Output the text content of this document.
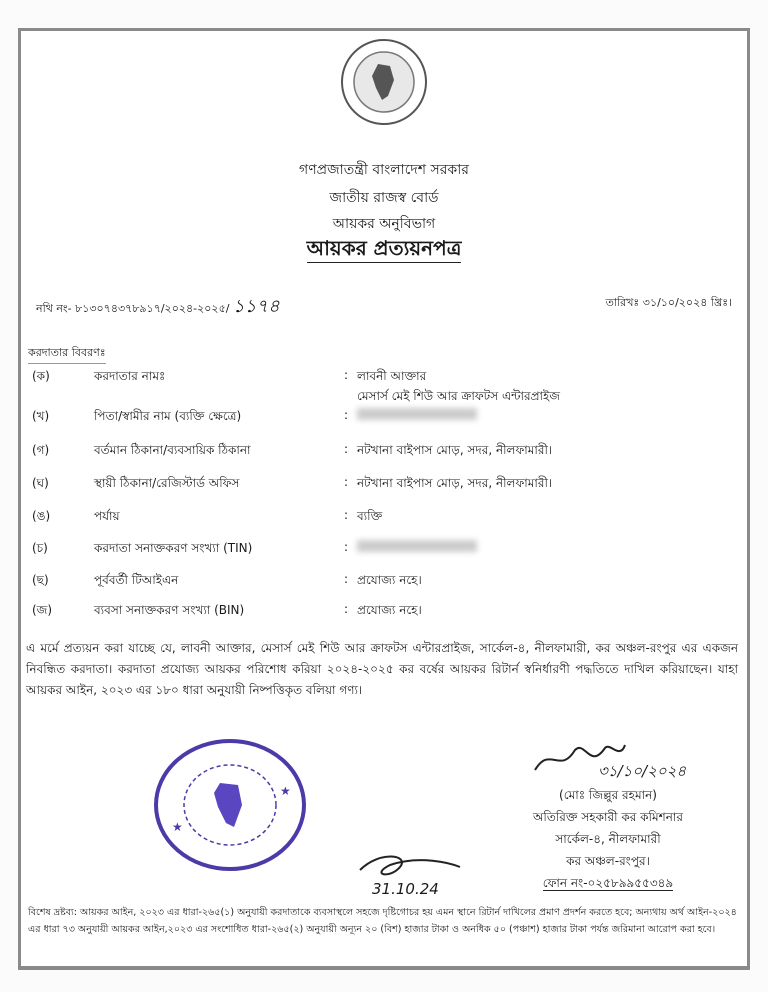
গণপ্রজাতন্ত্রী বাংলাদেশ সরকার
জাতীয় রাজস্ব বোর্ড
আয়কর অনুবিভাগ
আয়কর প্রত্যয়নপত্র
নথি নং- ৮১৩০৭৪৩৭৮৯১৭/২০২৪-২০২৫/ ১১৭৪	তারিখঃ ৩১/১০/২০২৪ খ্রিঃ।
করদাতার বিবরণঃ
(ক)	করদাতার নামঃ	: লাবনী আক্তার
মেসার্স মেই শিউ আর ক্রাফটস এন্টারপ্রাইজ
(খ)	পিতা/স্বামীর নাম (ব্যক্তি ক্ষেত্রে)	:
(গ)	বর্তমান ঠিকানা/ব্যবসায়িক ঠিকানা	: নটখানা বাইপাস মোড়, সদর, নীলফামারী।
(ঘ)	স্থায়ী ঠিকানা/রেজিস্টার্ড অফিস	: নটখানা বাইপাস মোড়, সদর, নীলফামারী।
(ঙ)	পর্যায়	: ব্যক্তি
(চ)	করদাতা সনাক্তকরণ সংখ্যা (TIN)	:
(ছ)	পূর্ববর্তী টিআইএন	: প্রযোজ্য নহে।
(জ)	ব্যবসা সনাক্তকরণ সংখ্যা (BIN)	: প্রযোজ্য নহে।
এ মর্মে প্রত্যয়ন করা যাচ্ছে যে, লাবনী আক্তার, মেসার্স মেই শিউ আর ক্রাফটস এন্টারপ্রাইজ, সার্কেল-৪, নীলফামারী, কর অঞ্চল-রংপুর এর একজন নিবন্ধিত করদাতা। করদাতা প্রযোজ্য আয়কর পরিশোধ করিয়া ২০২৪-২০২৫ কর বর্ষের আয়কর রিটার্ন স্বনির্ধারণী পদ্ধতিতে দাখিল করিয়াছেন। যাহা আয়কর আইন, ২০২৩ এর ১৮০ ধারা অনুযায়ী নিষ্পত্তিকৃত বলিয়া গণ্য।
★
★
31.10.24
৩১/১০/২০২৪
(মোঃ জিল্লুর রহমান)
অতিরিক্ত সহকারী কর কমিশনার
সার্কেল-৪, নীলফামারী
কর অঞ্চল-রংপুর।
ফোন নং-০২৫৮৯৯৫৫৩৪৯
বিশেষ দ্রষ্টব্য: আয়কর আইন, ২০২৩ এর ধারা-২৬৫(১) অনুযায়ী করদাতাকে ব্যবসাস্থলে সহজে দৃষ্টিগোচর হয় এমন স্থানে রিটার্ন দাখিলের প্রমাণ প্রদর্শন করতে হবে; অন্যথায় অর্থ আইন-২০২৪ এর ধারা ৭৩ অনুযায়ী আয়কর আইন,২০২৩ এর সংশোধিত ধারা-২৬৫(২) অনুযায়ী অন্যূন ২০ (বিশ) হাজার টাকা ও অনধিক ৫০ (পঞ্চাশ) হাজার টাকা পর্যন্ত জরিমানা আরোপ করা হবে।
